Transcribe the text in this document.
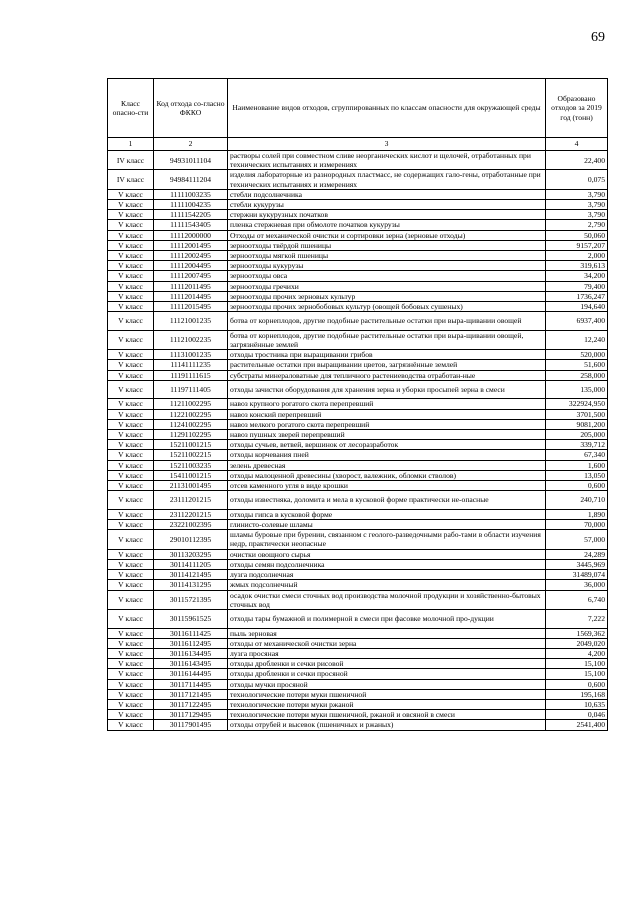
69
Класс опасно-сти	Код отхода со-гласно ФККО	Наименование видов отходов, сгруппированных по классам опасности для окружающей среды	Образовано отходов за 2019 год (тонн)
1	2	3	4
IV класс	94931011104	растворы солей при совместном сливе неорганических кислот и щелочей, отработанных при технических испытаниях и измерениях	22,400
IV класс	94984111204	изделия лабораторные из разнородных пластмасс, не содержащих гало-гены, отработанные при технических испытаниях и измерениях	0,075
V класс	11111003235	стебли подсолнечника	3,790
V класс	11111004235	стебли кукурузы	3,790
V класс	11111542205	стержни кукурузных початков	3,790
V класс	11111543405	пленка стержневая при обмолоте початков кукурузы	2,790
V класс	11112000000	Отходы от механической очистки и сортировки зерна (зерновые отходы)	50,060
V класс	11112001495	зерноотходы твёрдой пшеницы	9157,207
V класс	11112002495	зерноотходы мягкой пшеницы	2,000
V класс	11112004495	зерноотходы кукурузы	319,613
V класс	11112007495	зерноотходы овса	34,200
V класс	11112011495	зерноотходы гречихи	79,400
V класс	11112014495	зерноотходы прочих зерновых культур	1736,247
V класс	11112015495	зерноотходы прочих зернобобовых культур (овощей бобовых сушеных)	194,640
V класс	11121001235	ботва от корнеплодов, другие подобные растительные остатки при выра-щивании овощей	6937,400
V класс	11121002235	ботва от корнеплодов, другие подобные растительные остатки при выра-щивании овощей, загрязнённые землей	12,240
V класс	11131001235	отходы тростника при выращивании грибов	520,000
V класс	11141111235	растительные остатки при выращивании цветов, загрязнённые землей	51,600
V класс	11191111615	субстраты минераловатные для тепличного растениеводства отработан-ные	258,000
V класс	11197111405	отходы зачистки оборудования для хранения зерна и уборки просыпей зерна в смеси	135,000
V класс	11211002295	навоз крупного рогатого скота перепревший	322924,950
V класс	11221002295	навоз конский перепревший	3701,500
V класс	11241002295	навоз мелкого рогатого скота перепревший	9081,200
V класс	11291102295	навоз пушных зверей перепревший	205,000
V класс	15211001215	отходы сучьев, ветвей, вершинок от лесоразработок	339,712
V класс	15211002215	отходы корчевания пней	67,340
V класс	15211003235	зелень древесная	1,600
V класс	15411001215	отходы малоценной древесины (хворост, валежник, обломки стволов)	13,050
V класс	21131001495	отсев каменного угля в виде крошки	0,600
V класс	23111201215	отходы известняка, доломита и мела в кусковой форме практически не-опасные	240,710
V класс	23112201215	отходы гипса в кусковой форме	1,890
V класс	23221002395	глинисто-солевые шламы	70,000
V класс	29010112395	шламы буровые при бурении, связанном с геолого-разведочными рабо-тами в области изучения недр, практически неопасные	57,000
V класс	30113203295	очистки овощного сырья	24,289
V класс	30114111205	отходы семян подсолнечника	3445,969
V класс	30114121495	лузга подсолнечная	31489,074
V класс	30114131295	жмых подсолнечный	36,000
V класс	30115721395	осадок очистки смеси сточных вод производства молочной продукции и хозяйственно-бытовых сточных вод	6,740
V класс	30115961525	отходы тары бумажной и полимерной в смеси при фасовке молочной про-дукции	7,222
V класс	30116111425	пыль зерновая	1569,362
V класс	30116112495	отходы от механической очистки зерна	2049,020
V класс	30116134495	лузга просяная	4,200
V класс	30116143495	отходы дробленки и сечки рисовой	15,100
V класс	30116144495	отходы дробленки и сечки просяной	15,100
V класс	30117114495	отходы мучки просяной	0,600
V класс	30117121495	технологические потери муки пшеничной	195,168
V класс	30117122495	технологические потери муки ржаной	10,635
V класс	30117129495	технологические потери муки пшеничной, ржаной и овсяной в смеси	0,046
V класс	30117901495	отходы отрубей и высевок (пшеничных и ржаных)	2541,400
